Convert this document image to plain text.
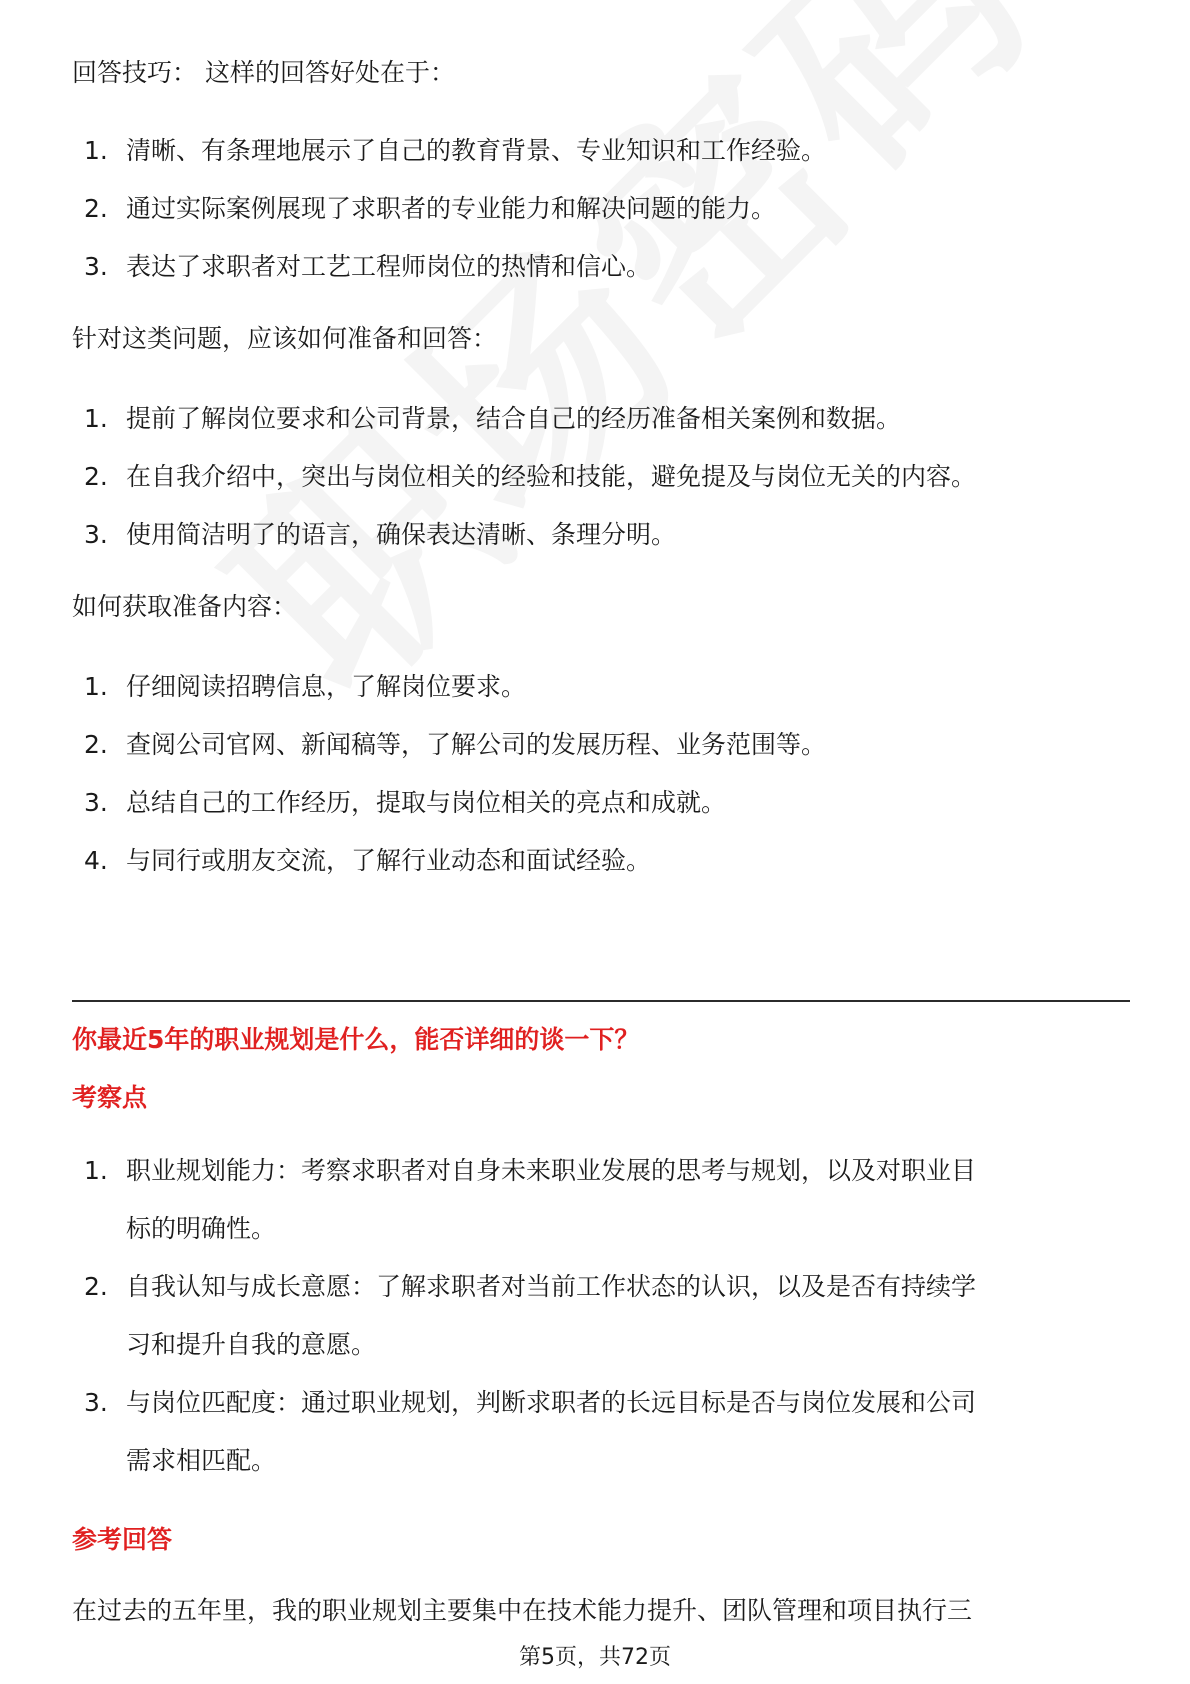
回答技巧： 这样的回答好处在于：

1. 清晰、有条理地展示了自己的教育背景、专业知识和工作经验。
2. 通过实际案例展现了求职者的专业能力和解决问题的能力。
3. 表达了求职者对工艺工程师岗位的热情和信心。

针对这类问题，应该如何准备和回答：

1. 提前了解岗位要求和公司背景，结合自己的经历准备相关案例和数据。
2. 在自我介绍中，突出与岗位相关的经验和技能，避免提及与岗位无关的内容。
3. 使用简洁明了的语言，确保表达清晰、条理分明。

如何获取准备内容：

1. 仔细阅读招聘信息，了解岗位要求。
2. 查阅公司官网、新闻稿等，了解公司的发展历程、业务范围等。
3. 总结自己的工作经历，提取与岗位相关的亮点和成就。
4. 与同行或朋友交流，了解行业动态和面试经验。
你最近5年的职业规划是什么，能否详细的谈一下？
考察点
1. 职业规划能力：考察求职者对自身未来职业发展的思考与规划，以及对职业目
标的明确性。
2. 自我认知与成长意愿：了解求职者对当前工作状态的认识，以及是否有持续学
习和提升自我的意愿。
3. 与岗位匹配度：通过职业规划，判断求职者的长远目标是否与岗位发展和公司
需求相匹配。
参考回答

在过去的五年里，我的职业规划主要集中在技术能力提升、团队管理和项目执行三

第5页，共72页
